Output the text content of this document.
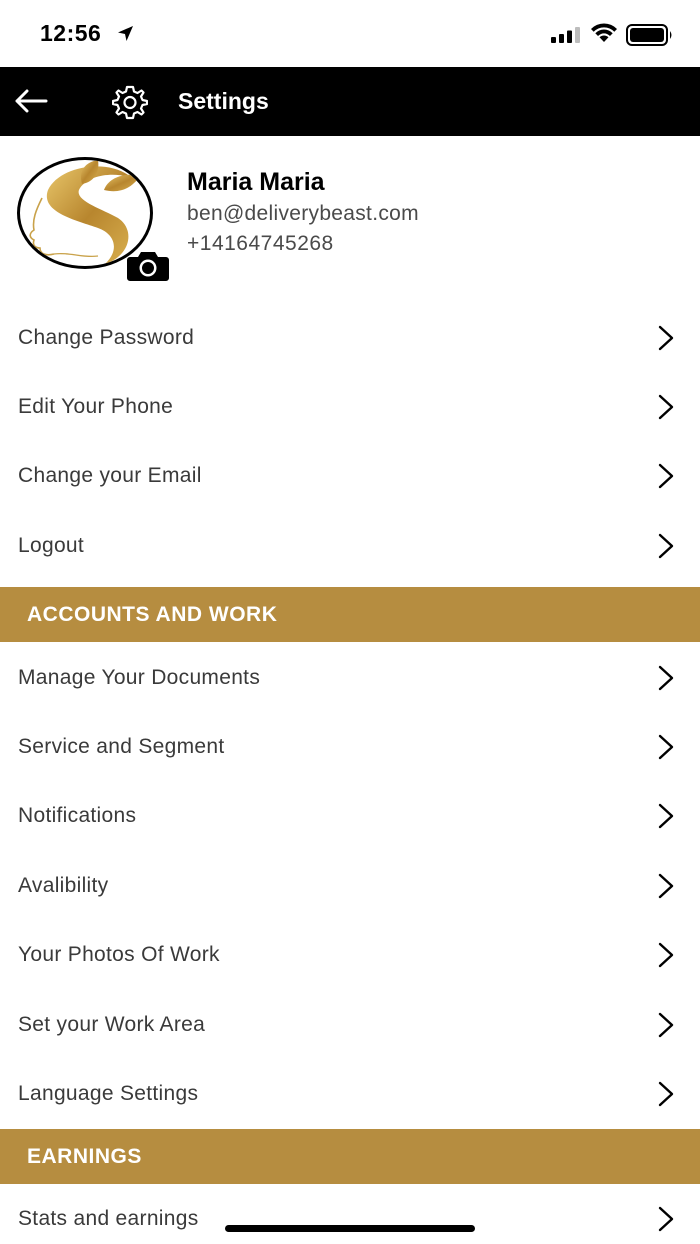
12:56
Settings
Maria Maria
ben@deliverybeast.com
+14164745268
Change Password
Edit Your Phone
Change your Email
Logout
ACCOUNTS AND WORK
Manage Your Documents
Service and Segment
Notifications
Avalibility
Your Photos Of Work
Set your Work Area
Language Settings
EARNINGS
Stats and earnings
